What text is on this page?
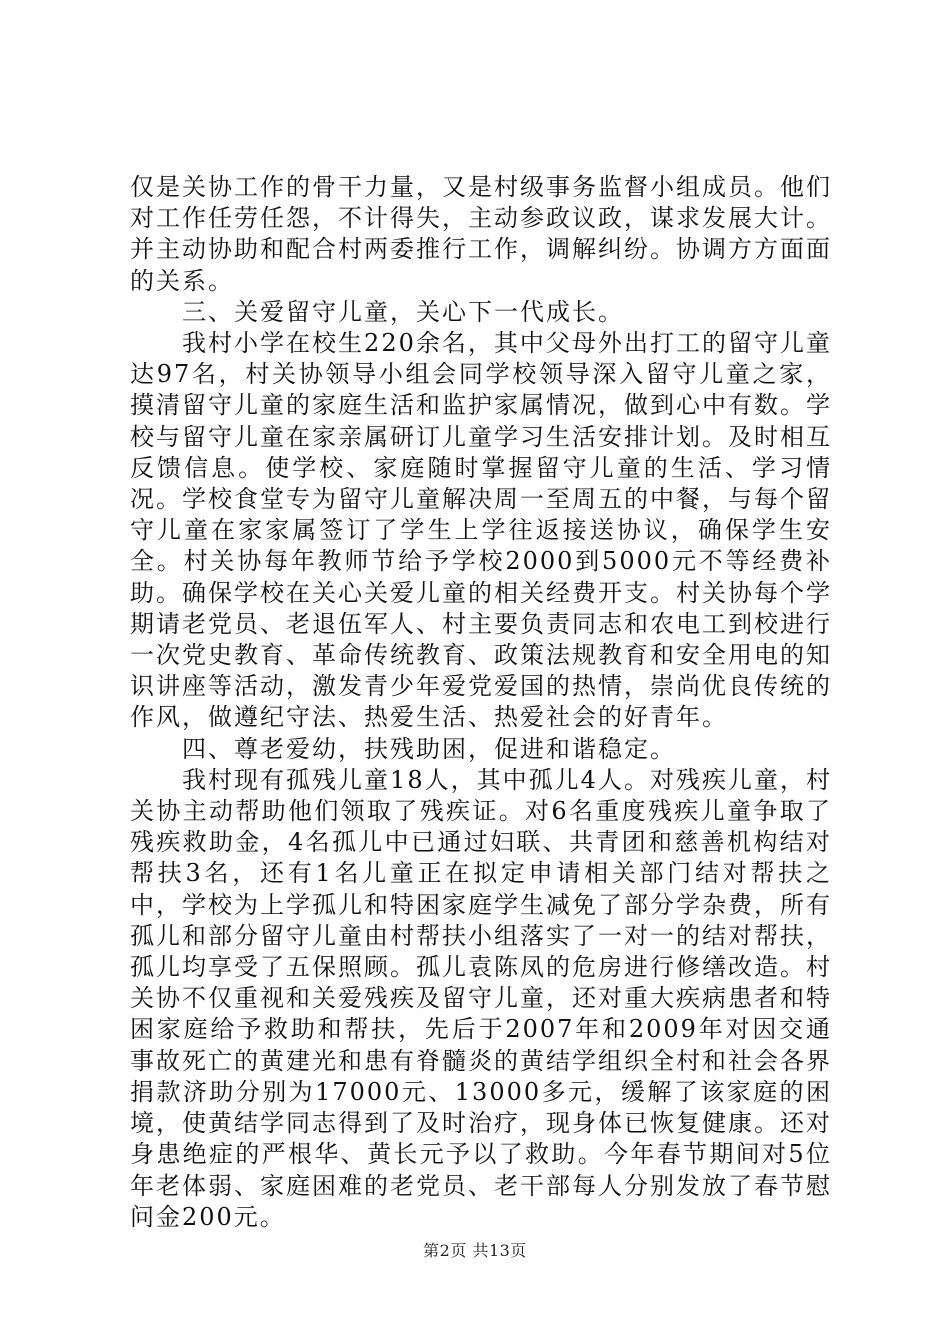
仅是关协工作的骨干力量，又是村级事务监督小组成员。他们对工作任劳任怨，不计得失，主动参政议政，谋求发展大计。并主动协助和配合村两委推行工作，调解纠纷。协调方方面面的关系。

三、关爱留守儿童，关心下一代成长。

我村小学在校生220余名，其中父母外出打工的留守儿童达97名，村关协领导小组会同学校领导深入留守儿童之家，摸清留守儿童的家庭生活和监护家属情况，做到心中有数。学校与留守儿童在家亲属研订儿童学习生活安排计划。及时相互反馈信息。使学校、家庭随时掌握留守儿童的生活、学习情况。学校食堂专为留守儿童解决周一至周五的中餐，与每个留守儿童在家家属签订了学生上学往返接送协议，确保学生安全。村关协每年教师节给予学校2000到5000元不等经费补助。确保学校在关心关爱儿童的相关经费开支。村关协每个学期请老党员、老退伍军人、村主要负责同志和农电工到校进行一次党史教育、革命传统教育、政策法规教育和安全用电的知识讲座等活动，激发青少年爱党爱国的热情，崇尚优良传统的作风，做遵纪守法、热爱生活、热爱社会的好青年。

四、尊老爱幼，扶残助困，促进和谐稳定。

我村现有孤残儿童18人，其中孤儿4人。对残疾儿童，村关协主动帮助他们领取了残疾证。对6名重度残疾儿童争取了残疾救助金，4名孤儿中已通过妇联、共青团和慈善机构结对帮扶3名，还有1名儿童正在拟定申请相关部门结对帮扶之中，学校为上学孤儿和特困家庭学生减免了部分学杂费，所有孤儿和部分留守儿童由村帮扶小组落实了一对一的结对帮扶，孤儿均享受了五保照顾。孤儿袁陈凤的危房进行修缮改造。村关协不仅重视和关爱残疾及留守儿童，还对重大疾病患者和特困家庭给予救助和帮扶，先后于2007年和2009年对因交通事故死亡的黄建光和患有脊髓炎的黄结学组织全村和社会各界捐款济助分别为17000元、13000多元，缓解了该家庭的困境，使黄结学同志得到了及时治疗，现身体已恢复健康。还对身患绝症的严根华、黄长元予以了救助。今年春节期间对5位年老体弱、家庭困难的老党员、老干部每人分别发放了春节慰问金200元。

第2页 共13页
